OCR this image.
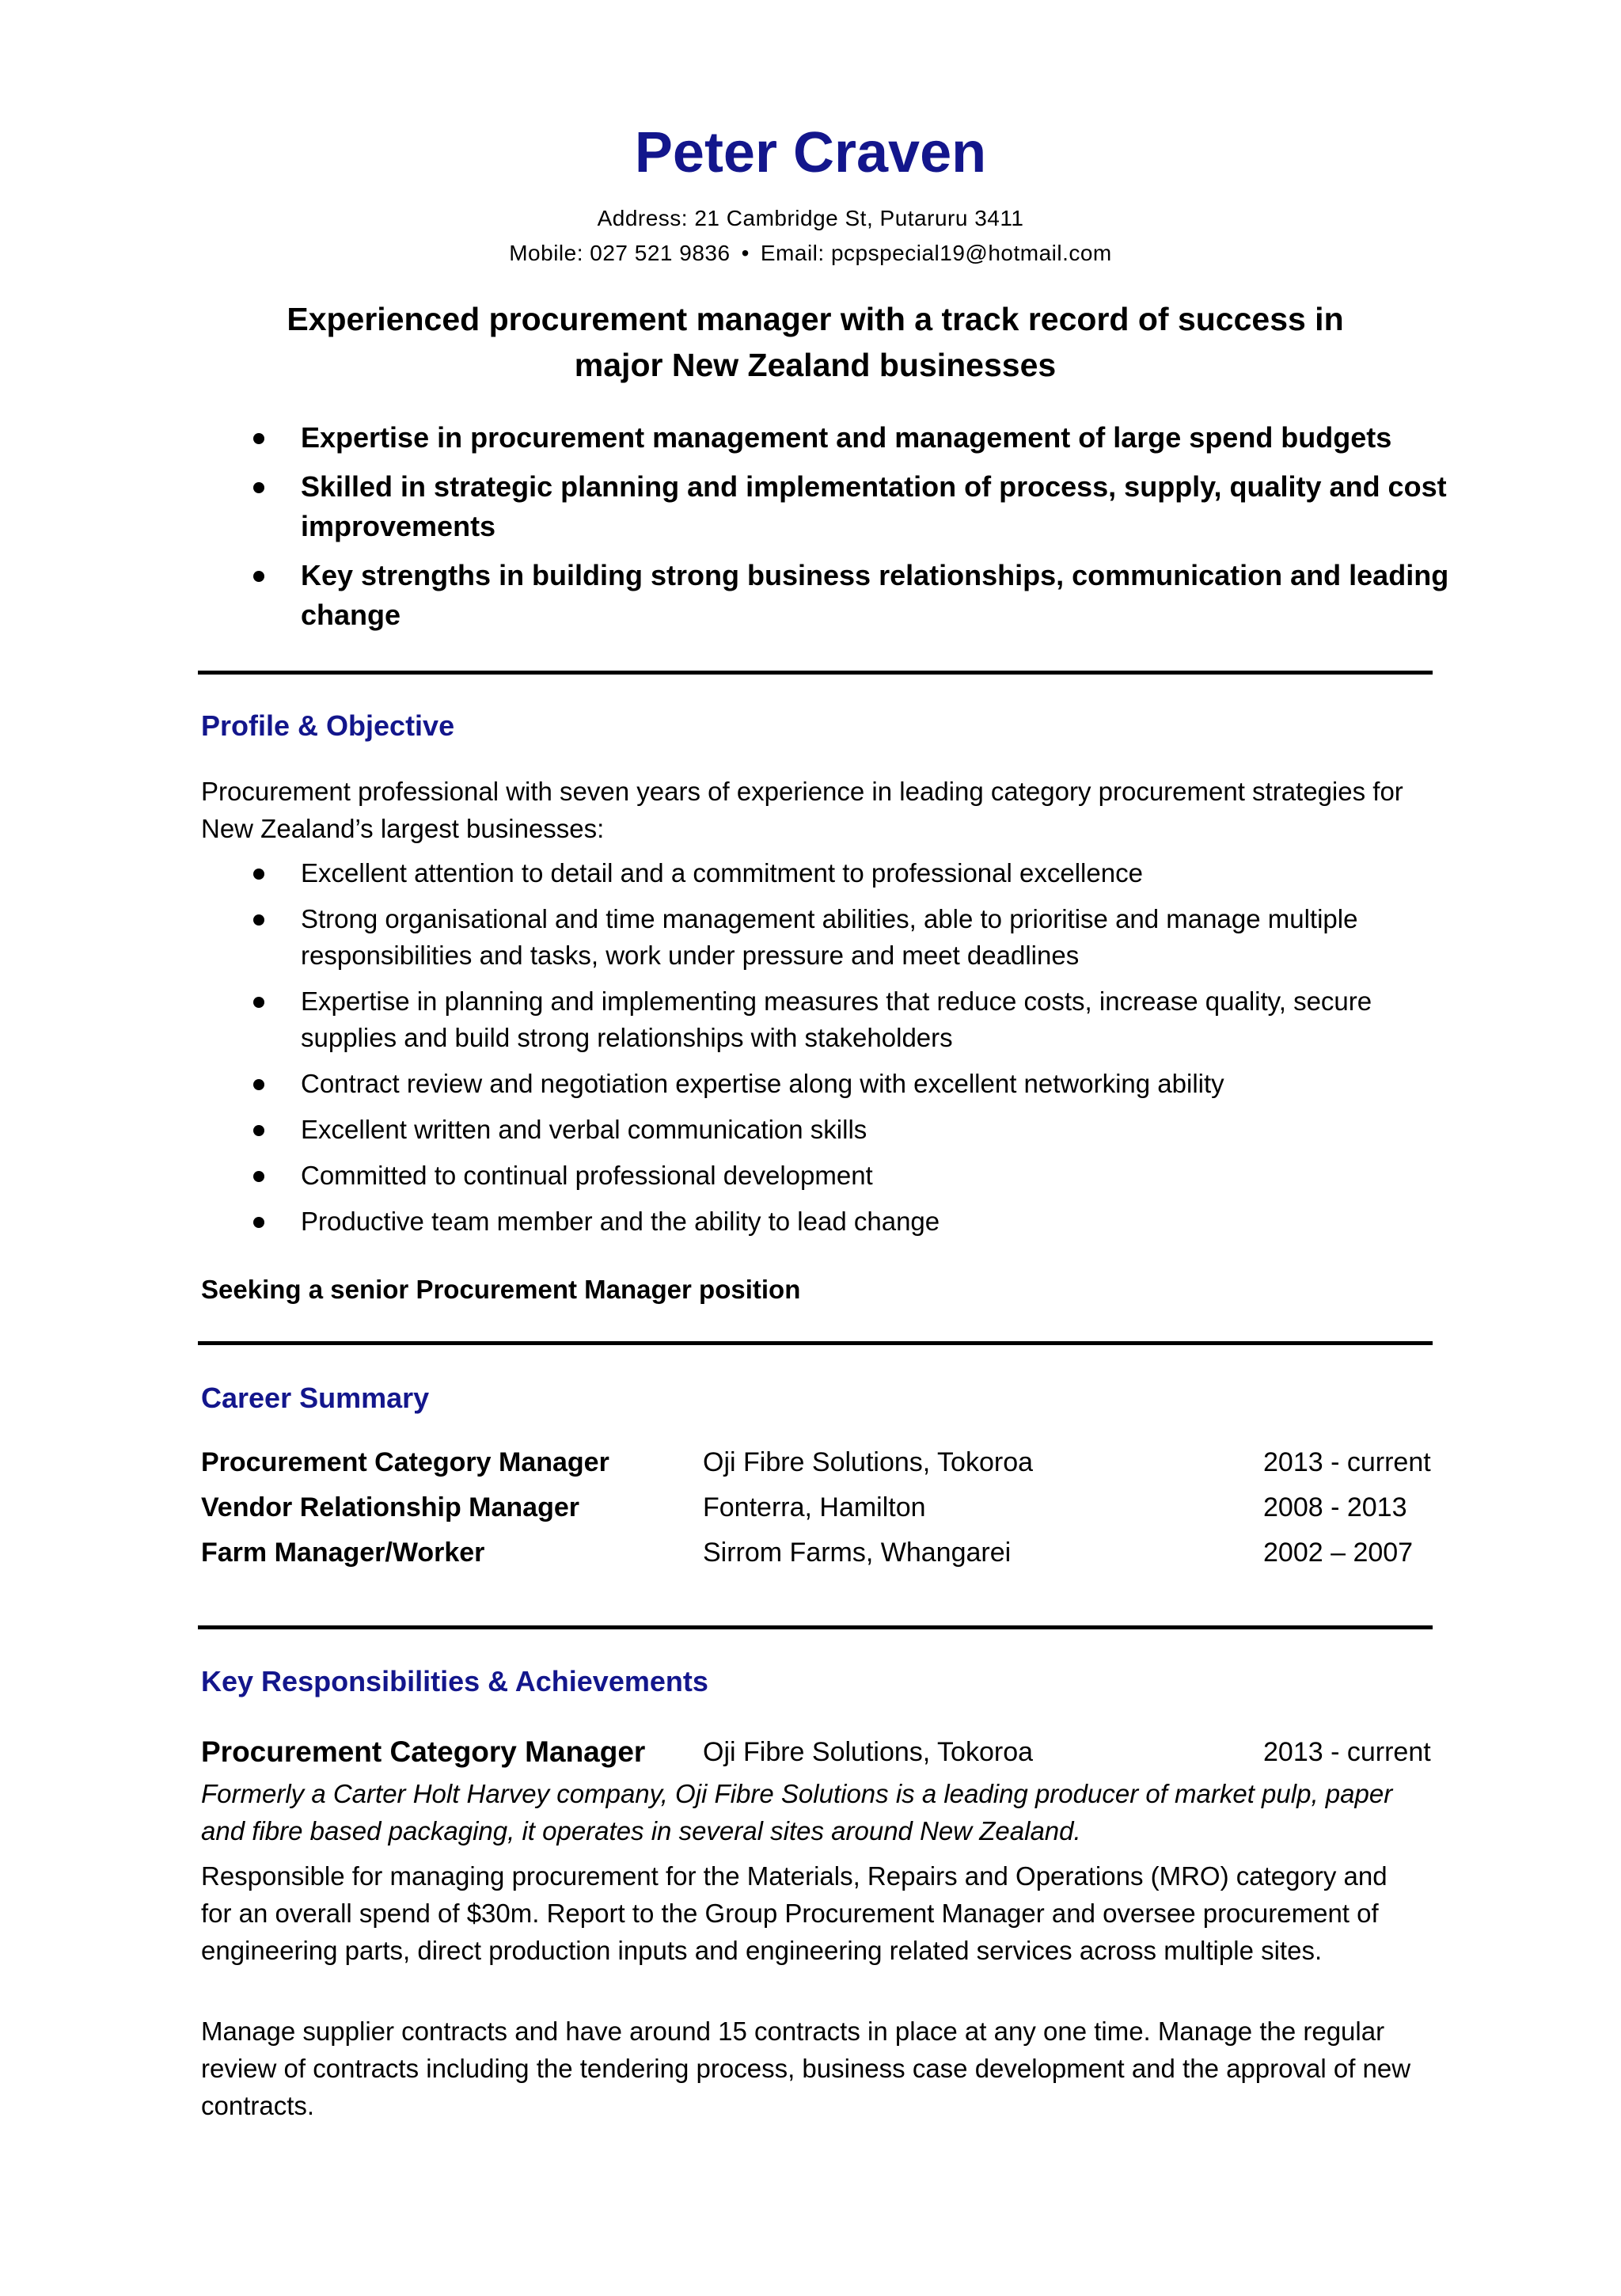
Peter Craven
Address: 21 Cambridge St, Putaruru 3411
Mobile: 027 521 9836 • Email: pcpspecial19@hotmail.com
Experienced procurement manager with a track record of success in
major New Zealand businesses
Expertise in procurement management and management of large spend budgets
Skilled in strategic planning and implementation of process, supply, quality and cost improvements
Key strengths in building strong business relationships, communication and leading change
Profile & Objective
Procurement professional with seven years of experience in leading category procurement strategies for New Zealand’s largest businesses:
Excellent attention to detail and a commitment to professional excellence
Strong organisational and time management abilities, able to prioritise and manage multiple responsibilities and tasks, work under pressure and meet deadlines
Expertise in planning and implementing measures that reduce costs, increase quality, secure supplies and build strong relationships with stakeholders
Contract review and negotiation expertise along with excellent networking ability
Excellent written and verbal communication skills
Committed to continual professional development
Productive team member and the ability to lead change
Seeking a senior Procurement Manager position
Career Summary
Procurement Category Manager	Oji Fibre Solutions, Tokoroa	2013 - current
Vendor Relationship Manager	Fonterra, Hamilton	2008 - 2013
Farm Manager/Worker	Sirrom Farms, Whangarei	2002 – 2007
Key Responsibilities & Achievements
Procurement Category Manager Oji Fibre Solutions, Tokoroa	2013 - current
Formerly a Carter Holt Harvey company, Oji Fibre Solutions is a leading producer of market pulp, paper and fibre based packaging, it operates in several sites around New Zealand.
Responsible for managing procurement for the Materials, Repairs and Operations (MRO) category and for an overall spend of $30m. Report to the Group Procurement Manager and oversee procurement of engineering parts, direct production inputs and engineering related services across multiple sites.
Manage supplier contracts and have around 15 contracts in place at any one time. Manage the regular review of contracts including the tendering process, business case development and the approval of new contracts.
